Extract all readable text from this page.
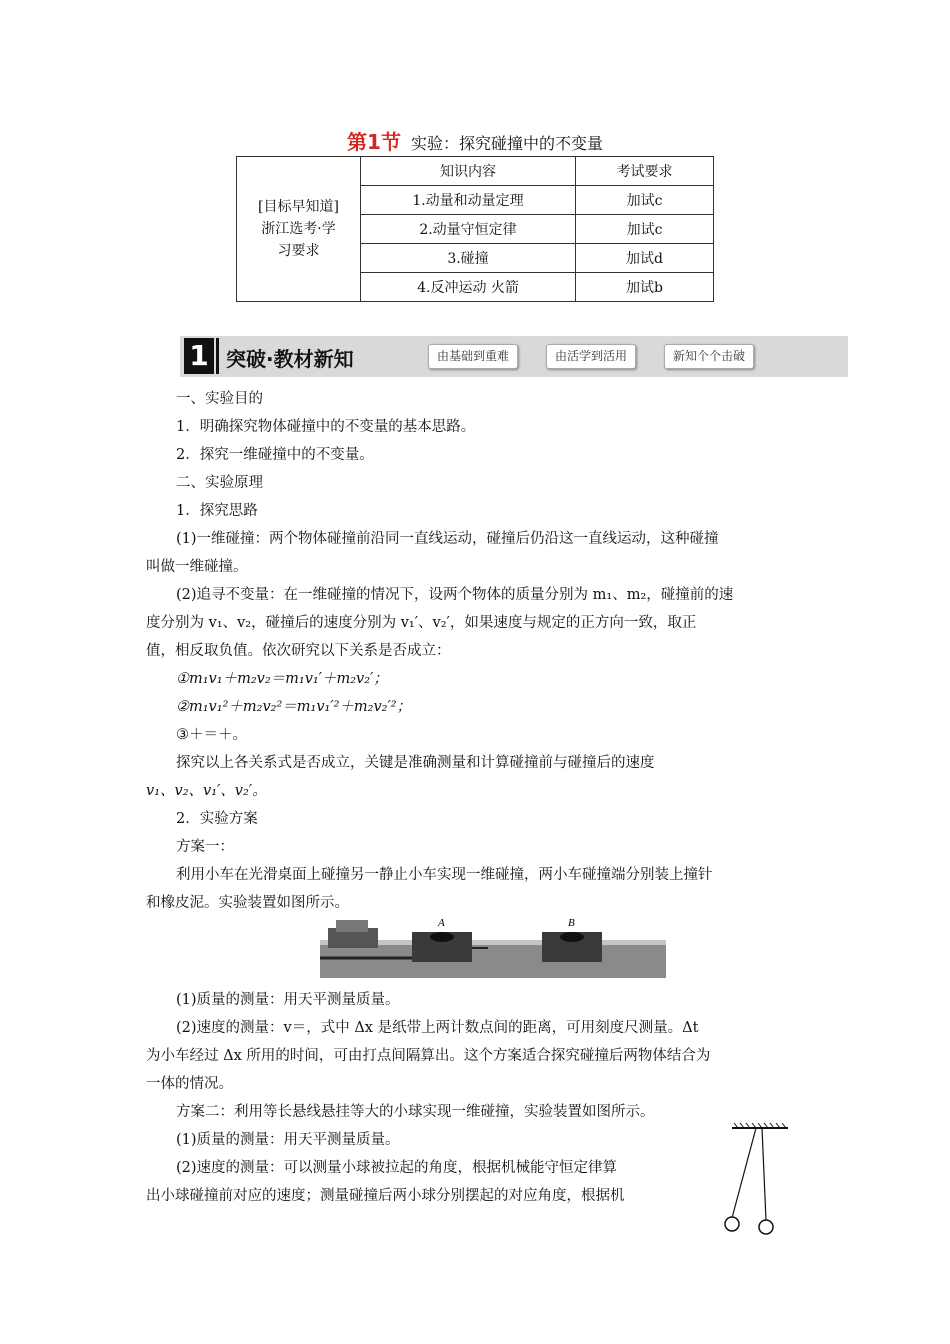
第1节 实验：探究碰撞中的不变量
[目标早知道]
浙江选考·学
习要求	知识内容	考试要求
	1.动量和动量定理	加试c
	2.动量守恒定律	加试c
	3.碰撞	加试d
	4.反冲运动 火箭	加试b
1 突破·教材新知	由基础到重难	由活学到活用	新知个个击破
一、实验目的
1．明确探究物体碰撞中的不变量的基本思路。
2．探究一维碰撞中的不变量。
二、实验原理
1．探究思路
(1)一维碰撞：两个物体碰撞前沿同一直线运动，碰撞后仍沿这一直线运动，这种碰撞
叫做一维碰撞。
(2)追寻不变量：在一维碰撞的情况下，设两个物体的质量分别为 m₁、m₂，碰撞前的速
度分别为 v₁、v₂，碰撞后的速度分别为 v₁′、v₂′，如果速度与规定的正方向一致，取正
值，相反取负值。依次研究以下关系是否成立：
①m₁v₁＋m₂v₂＝m₁v₁′＋m₂v₂′；
②m₁v₁²＋m₂v₂²＝m₁v₁′²＋m₂v₂′²；
③＋＝＋。
探究以上各关系式是否成立，关键是准确测量和计算碰撞前与碰撞后的速度
v₁、v₂、v₁′、v₂′。
2．实验方案
方案一：
利用小车在光滑桌面上碰撞另一静止小车实现一维碰撞，两小车碰撞端分别装上撞针
和橡皮泥。实验装置如图所示。
A	B
(1)质量的测量：用天平测量质量。
(2)速度的测量：v＝，式中 Δx 是纸带上两计数点间的距离，可用刻度尺测量。Δt
为小车经过 Δx 所用的时间，可由打点间隔算出。这个方案适合探究碰撞后两物体结合为
一体的情况。
方案二：利用等长悬线悬挂等大的小球实现一维碰撞，实验装置如图所示。
(1)质量的测量：用天平测量质量。
(2)速度的测量：可以测量小球被拉起的角度，根据机械能守恒定律算
出小球碰撞前对应的速度；测量碰撞后两小球分别摆起的对应角度，根据机
